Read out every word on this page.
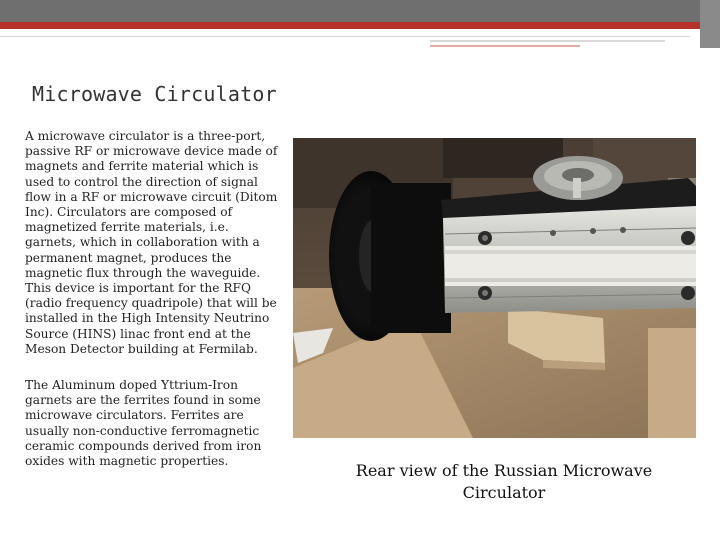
Microwave Circulator

A microwave circulator is a three-port, passive RF or microwave device made of magnets and ferrite material which is used to control the direction of signal flow in a RF or microwave circuit (Ditom Inc). Circulators are composed of magnetized ferrite materials, i.e. garnets, which in collaboration with a permanent magnet, produces the magnetic flux through the waveguide. This device is important for the RFQ (radio frequency quadripole) that will be installed in the High Intensity Neutrino Source (HINS) linac front end at the Meson Detector building at Fermilab.

The Aluminum doped Yttrium-Iron garnets are the ferrites found in some microwave circulators. Ferrites are usually non-conductive ferromagnetic ceramic compounds derived from iron oxides with magnetic properties.	Rear view of the Russian Microwave Circulator
